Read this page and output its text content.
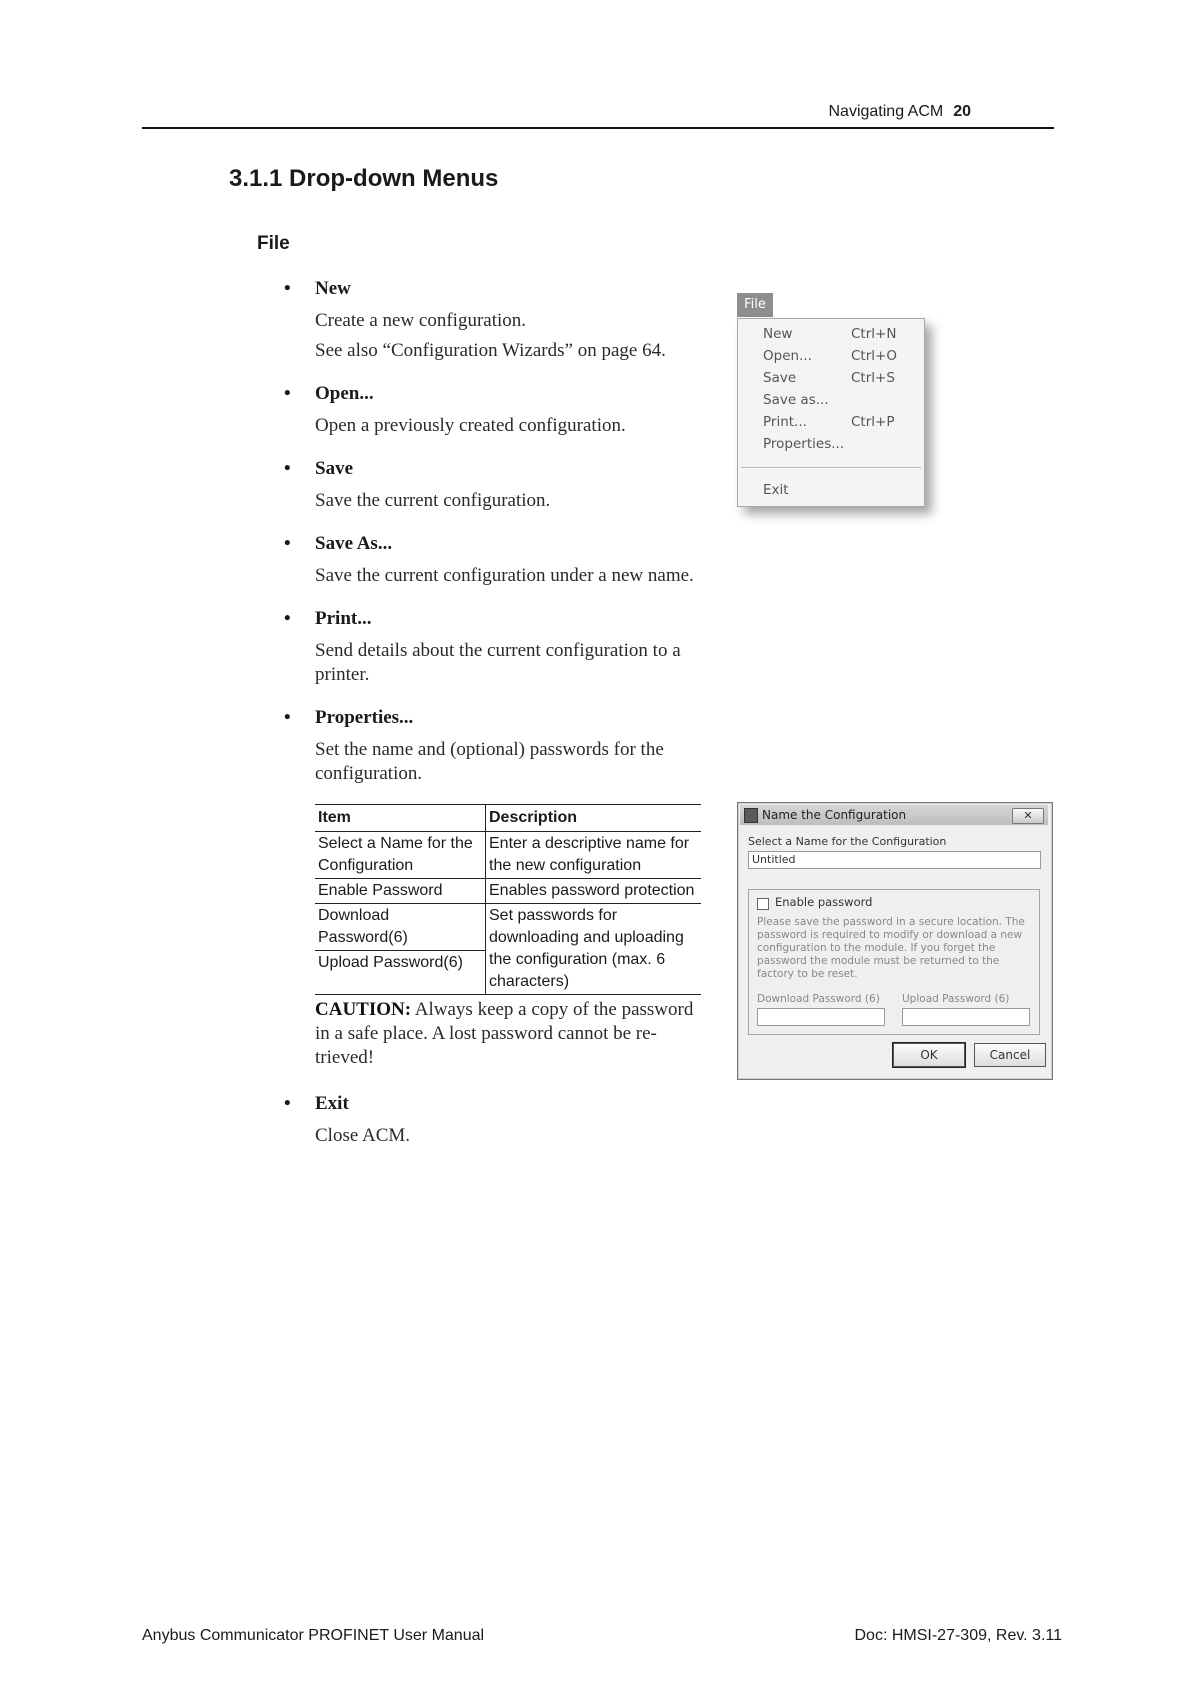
Navigating ACM 20
3.1.1 Drop-down Menus
File
• New
Create a new configuration.
See also “Configuration Wizards” on page 64.
• Open...
Open a previously created configuration.
• Save
Save the current configuration.
• Save As...
Save the current configuration under a new name.
• Print...
Send details about the current configuration to a printer.
• Properties...
Set the name and (optional) passwords for the configuration.
• Exit
Close ACM.
Item	Description
Select a Name for the Configuration	Enter a descriptive name for the new configuration
Enable Password	Enables password protection

Download Password(6)
Upload Password(6)	Set passwords for downloading and uploading the configuration (max. 6 characters)
CAUTION: Always keep a copy of the password in a safe place. A lost password cannot be re-trieved!
File
New	Ctrl+N
Open...	Ctrl+O
Save	Ctrl+S
Save as...
Print...	Ctrl+P
Properties...
Exit
Name the Configuration	✕
Select a Name for the Configuration
Untitled
Enable password
Please save the password in a secure location. The password is required to modify or download a new configuration to the module. If you forget the password the module must be returned to the factory to be reset.
Download Password (6) Upload Password (6)
OK	Cancel
Anybus Communicator PROFINET User Manual	Doc: HMSI-27-309, Rev. 3.11
